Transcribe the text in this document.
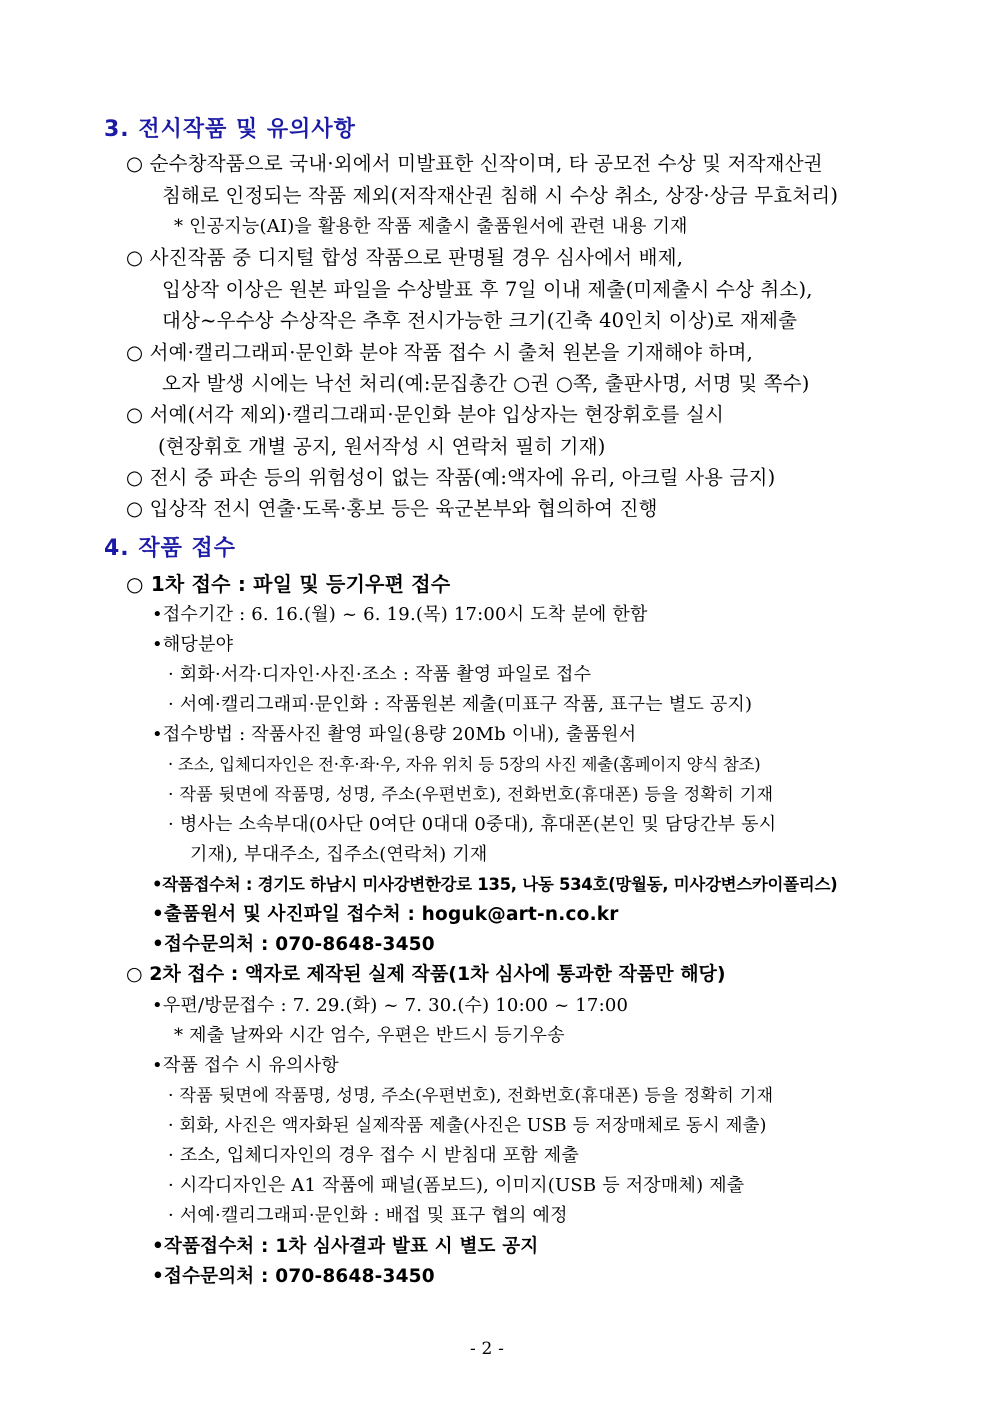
3. 전시작품 및 유의사항
○ 순수창작품으로 국내·외에서 미발표한 신작이며, 타 공모전 수상 및 저작재산권
침해로 인정되는 작품 제외(저작재산권 침해 시 수상 취소, 상장·상금 무효처리)
* 인공지능(AI)을 활용한 작품 제출시 출품원서에 관련 내용 기재
○ 사진작품 중 디지털 합성 작품으로 판명될 경우 심사에서 배제,
입상작 이상은 원본 파일을 수상발표 후 7일 이내 제출(미제출시 수상 취소),
대상~우수상 수상작은 추후 전시가능한 크기(긴축 40인치 이상)로 재제출
○ 서예·캘리그래피·문인화 분야 작품 접수 시 출처 원본을 기재해야 하며,
오자 발생 시에는 낙선 처리(예:문집총간 ○권 ○쪽, 출판사명, 서명 및 쪽수)
○ 서예(서각 제외)·캘리그래피·문인화 분야 입상자는 현장휘호를 실시
(현장휘호 개별 공지, 원서작성 시 연락처 필히 기재)
○ 전시 중 파손 등의 위험성이 없는 작품(예:액자에 유리, 아크릴 사용 금지)
○ 입상작 전시 연출·도록·홍보 등은 육군본부와 협의하여 진행
4. 작품 접수
○ 1차 접수 : 파일 및 등기우편 접수
•접수기간 : 6. 16.(월) ~ 6. 19.(목) 17:00시 도착 분에 한함
•해당분야
· 회화·서각·디자인·사진·조소 : 작품 촬영 파일로 접수
· 서예·캘리그래피·문인화 : 작품원본 제출(미표구 작품, 표구는 별도 공지)
•접수방법 : 작품사진 촬영 파일(용량 20Mb 이내), 출품원서
· 조소, 입체디자인은 전·후·좌·우, 자유 위치 등 5장의 사진 제출(홈페이지 양식 참조)
· 작품 뒷면에 작품명, 성명, 주소(우편번호), 전화번호(휴대폰) 등을 정확히 기재
· 병사는 소속부대(0사단 0여단 0대대 0중대), 휴대폰(본인 및 담당간부 동시
기재), 부대주소, 집주소(연락처) 기재
•작품접수처 : 경기도 하남시 미사강변한강로 135, 나동 534호(망월동, 미사강변스카이폴리스)
•출품원서 및 사진파일 접수처 : hoguk@art-n.co.kr
•접수문의처 : 070-8648-3450
○ 2차 접수 : 액자로 제작된 실제 작품(1차 심사에 통과한 작품만 해당)
•우편/방문접수 : 7. 29.(화) ~ 7. 30.(수) 10:00 ~ 17:00
* 제출 날짜와 시간 엄수, 우편은 반드시 등기우송
•작품 접수 시 유의사항
· 작품 뒷면에 작품명, 성명, 주소(우편번호), 전화번호(휴대폰) 등을 정확히 기재
· 회화, 사진은 액자화된 실제작품 제출(사진은 USB 등 저장매체로 동시 제출)
· 조소, 입체디자인의 경우 접수 시 받침대 포함 제출
· 시각디자인은 A1 작품에 패널(폼보드), 이미지(USB 등 저장매체) 제출
· 서예·캘리그래피·문인화 : 배접 및 표구 협의 예정
•작품접수처 : 1차 심사결과 발표 시 별도 공지
•접수문의처 : 070-8648-3450
- 2 -
